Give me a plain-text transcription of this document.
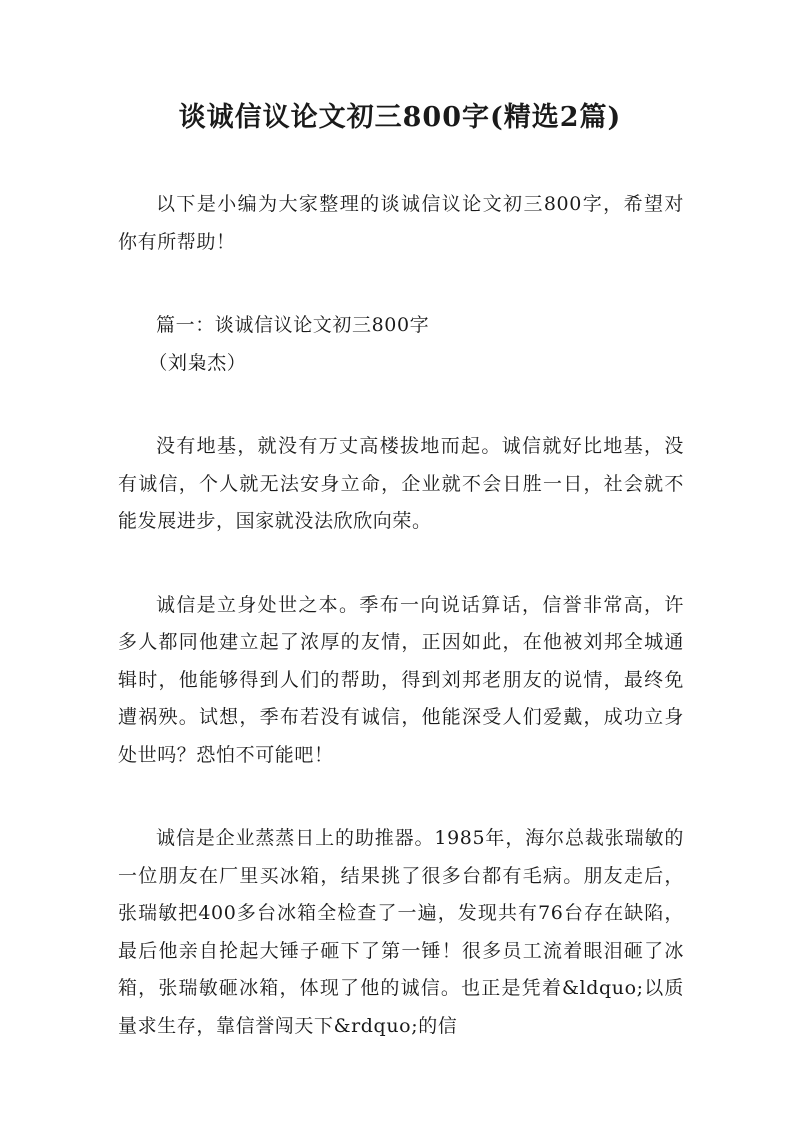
谈诚信议论文初三800字(精选2篇)

以下是小编为大家整理的谈诚信议论文初三800字，希望对你有所帮助！

篇一：谈诚信议论文初三800字

（刘枭杰）

没有地基，就没有万丈高楼拔地而起。诚信就好比地基，没有诚信，个人就无法安身立命，企业就不会日胜一日，社会就不能发展进步，国家就没法欣欣向荣。

诚信是立身处世之本。季布一向说话算话，信誉非常高，许多人都同他建立起了浓厚的友情，正因如此，在他被刘邦全城通辑时，他能够得到人们的帮助，得到刘邦老朋友的说情，最终免遭祸殃。试想，季布若没有诚信，他能深受人们爱戴，成功立身处世吗？恐怕不可能吧！

诚信是企业蒸蒸日上的助推器。1985年，海尔总裁张瑞敏的一位朋友在厂里买冰箱，结果挑了很多台都有毛病。朋友走后，张瑞敏把400多台冰箱全检查了一遍，发现共有76台存在缺陷，最后他亲自抡起大锤子砸下了第一锤！很多员工流着眼泪砸了冰箱，张瑞敏砸冰箱，体现了他的诚信。也正是凭着&ldquo;以质量求生存，靠信誉闯天下&rdquo;的信
